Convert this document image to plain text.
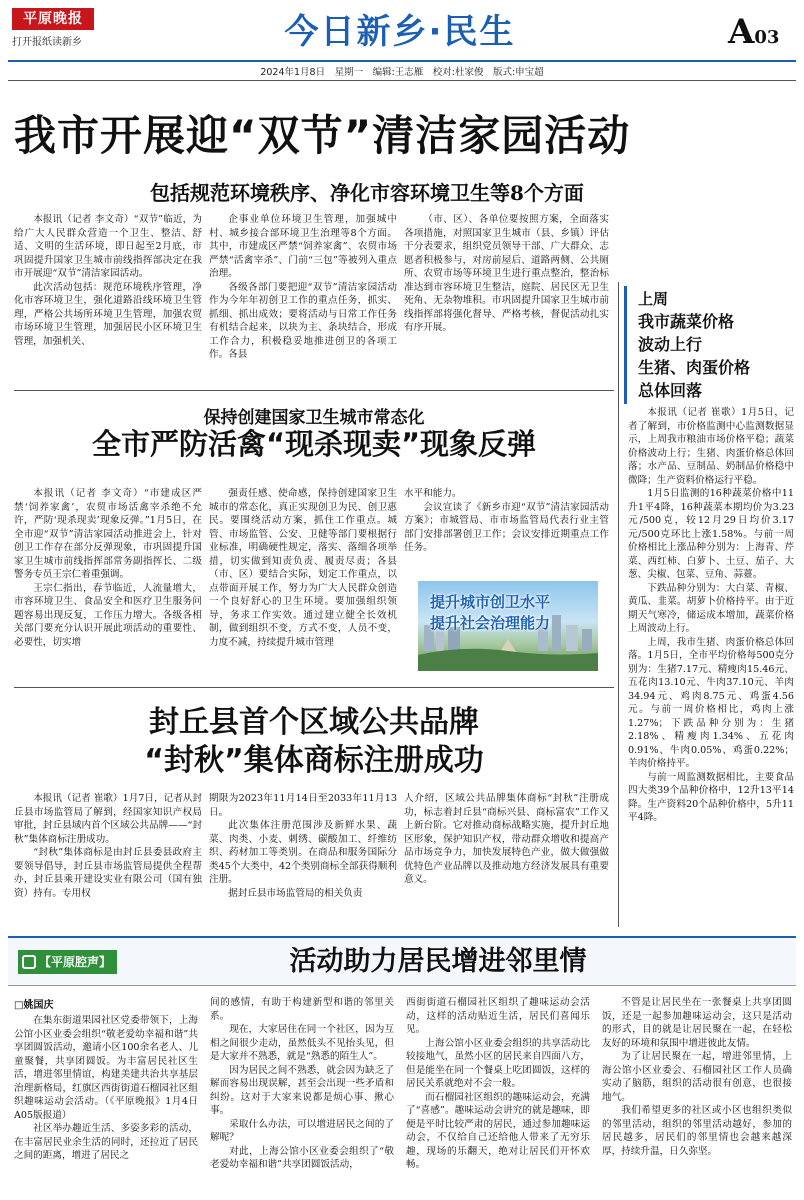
平原晚报
打开报纸读新乡	今日新乡·民生	A03
2024年1月8日　星期一　编辑:王志雁　校对:杜家俊　版式:申宝超
我市开展迎“双节”清洁家园活动
包括规范环境秩序、净化市容环境卫生等8个方面

本报讯（记者 李文奇）“双节”临近，为给广大人民群众营造一个卫生、整洁、舒适、文明的生活环境，即日起至2月底，市巩固提升国家卫生城市前线指挥部决定在我市开展迎“双节”清洁家园活动。

此次活动包括：规范环境秩序管理，净化市容环境卫生，强化道路沿线环境卫生管理，严格公共场所环境卫生管理，加强农贸市场环境卫生管理，加强居民小区环境卫生管理，加强机关、

企事业单位环境卫生管理，加强城中村、城乡接合部环境卫生治理等8个方面。其中，市建成区严禁“饲养家禽”、农贸市场严禁“活禽宰杀”、门前“三包”等被列入重点治理。

各级各部门要把迎“双节”清洁家园活动作为今年年初创卫工作的重点任务，抓实、抓细、抓出成效；要将活动与日常工作任务有机结合起来，以块为主、条块结合，形成工作合力，积极稳妥地推进创卫的各项工作。各县

（市、区）、各单位要按照方案，全面落实各项措施，对照国家卫生城市（县、乡镇）评估干分表要求，组织党员领导干部、广大群众、志愿者积极参与，对房前屋后、道路两侧、公共厕所、农贸市场等环境卫生进行重点整治，整治标准达到市容环境卫生整洁，庭院、居民区无卫生死角、无杂物堆积。市巩固提升国家卫生城市前线指挥部将强化督导、严格考核，督促活动扎实有序开展。

保持创建国家卫生城市常态化
全市严防活禽“现杀现卖”现象反弹

本报讯（记者 李文奇）“市建成区严禁‘饲养家禽’，农贸市场活禽宰杀绝不允许，严防‘现杀现卖’现象反弹。”1月5日，在全市迎“双节”清洁家园活动推进会上，针对创卫工作存在部分反弹现象，市巩固提升国家卫生城市前线指挥部常务副指挥长、二级警务专员王宗仁着重强调。

王宗仁指出，春节临近，人流量增大，市容环境卫生、食品安全和医疗卫生服务问题容易出现反复，工作压力增大。各级各相关部门要充分认识开展此项活动的重要性、必要性，切实增

强责任感、使命感，保持创建国家卫生城市的常态化，真正实现创卫为民、创卫惠民。要围绕活动方案，抓住工作重点。城管、市场监管、公安、卫健等部门要根据行业标准，明确硬性规定，落实、落细各项举措，切实做到知责负责、履责尽责；各县（市、区）要结合实际，划定工作重点，以点带面开展工作，努力为广大人民群众创造一个良好舒心的卫生环境。要加强组织领导，务求工作实效。通过建立健全长效机制，做到组织不变，方式不变，人员不变，力度不减，持续提升城市管理

水平和能力。

会议宣读了《新乡市迎“双节”清洁家园活动方案》；市城管局、市市场监管局代表行业主管部门安排部署创卫工作；会议安排近期重点工作任务。

提升城市创卫水平
提升社会治理能力
封丘县首个区域公共品牌
“封秋”集体商标注册成功

本报讯（记者 崔歌）1月7日，记者从封丘县市场监管局了解到，经国家知识产权局审批，封丘县域内首个区域公共品牌——“封秋”集体商标注册成功。

“封秋”集体商标是由封丘县委县政府主要领导倡导，封丘县市场监管局提供全程帮办，封丘县乘开建设实业有限公司（国有独资）持有。专用权

期限为2023年11月14日至2033年11月13日。

此次集体注册范围涉及新鲜水果、蔬菜、肉类、小麦、刺绣、碳酸加工、纤维纺织、药材加工等类别。在商品和服务国际分类45个大类中，42个类别商标全部获得顺利注册。

据封丘县市场监管局的相关负责

人介绍，区域公共品牌集体商标“封秋”注册成功，标志着封丘县“商标兴县、商标富农”工作又上新台阶。它对推动商标战略实施，提升封丘地区形象，保护知识产权，带动群众增收和提高产品市场竞争力，加快发展特色产业，做大做强做优特色产业品牌以及推动地方经济发展具有重要意义。

上周
我市蔬菜价格
波动上行
生猪、肉蛋价格
总体回落

本报讯（记者 崔歌）1月5日，记者了解到，市价格监测中心监测数据显示，上周我市粮油市场价格平稳；蔬菜价格波动上行；生猪、肉蛋价格总体回落；水产品、豆制品、奶制品价格稳中微降；生产资料价格运行平稳。

1月5日监测的16种蔬菜价格中11升1平4降，16种蔬菜本期均价为3.23元/500克，较12月29日均价3.17元/500克环比上涨1.58%。与前一周价格相比上涨品种分别为：上海青、芹菜、西红柿、白萝卜、土豆、茄子、大葱、尖椒、包菜、豆角、蒜薹。

下跌品种分别为：大白菜、青椒、黄瓜、韭菜。胡萝卜价格持平。由于近期天气寒冷，储运成本增加，蔬菜价格上周波动上行。

上周，我市生猪、肉蛋价格总体回落。1月5日，全市平均价格每500克分别为：生猪7.17元、精瘦肉15.46元、五花肉13.10元、牛肉37.10元、羊肉34.94元、鸡肉8.75元、鸡蛋4.56元。与前一周价格相比，鸡肉上涨1.27%；下跌品种分别为：生猪2.18%、精瘦肉1.34%、五花肉0.91%、牛肉0.05%、鸡蛋0.22%；羊肉价格持平。

与前一周监测数据相比，主要食品四大类39个品种价格中，12升13平14降。生产资料20个品种价格中，5升11平4降。

【平原腔声】	活动助力居民增进邻里情
□姚国庆

在集东街道果园社区党委带领下，上海公馆小区业委会组织“敬老爱幼幸福和谐”共享团圆饭活动，邀请小区100余名老人、儿童聚餐，共享团圆饭。为丰富居民社区生活，增进邻里情谊，构建美建共治共享基层治理新格局，红旗区西街街道石榴园社区组织趣味运动会活动。（《平原晚报》1月4日A05版报道）

社区举办趣近生活、多姿多彩的活动，在丰富居民业余生活的同时，还拉近了居民之间的距离，增进了居民之

间的感情，有助于构建新型和谐的邻里关系。

现在，大家居住在同一个社区，因为互相之间很少走动，虽然低头不见抬头见，但是大家并不熟悉，就是“熟悉的陌生人”。

因为居民之间不熟悉，就会因为缺乏了解而容易出现误解，甚至会出现一些矛盾和纠纷。这对于大家来说都是烦心事、揪心事。

采取什么办法，可以增进居民之间的了解呢？

对此，上海公馆小区业委会组织了“敬老爱幼幸福和谐”共享团圆饭活动，

西街街道石榴园社区组织了趣味运动会活动，这样的活动贴近生活，居民们喜闻乐见。

上海公馆小区业委会组织的共享活动比较接地气，虽然小区的居民来自四面八方，但是能坐在同一个餐桌上吃团圆饭，这样的居民关系就绝对不会一般。

而石榴园社区组织的趣味运动会，充满了“喜感”。趣味运动会讲究的就是趣味，即便是平时比较严肃的居民，通过参加趣味运动会，不仅给自己还给他人带来了无穷乐趣，现场的乐翻天，绝对让居民们开怀欢畅。

不管是让居民坐在一张餐桌上共享团圆饭，还是一起参加趣味运动会，这只是活动的形式，目的就是让居民聚在一起，在轻松友好的环境和氛围中增进彼此友情。

为了让居民聚在一起，增进邻里情，上海公馆小区业委会、石榴园社区工作人员确实动了脑筋，组织的活动很有创意，也很接地气。

我们希望更多的社区或小区也组织类似的邻里活动，组织的邻里活动越好，参加的居民越多，居民们的邻里情也会越来越深厚，持续升温，日久弥坚。
